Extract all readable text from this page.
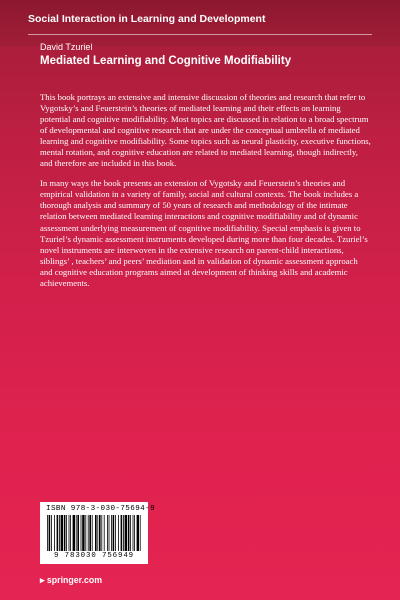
Social Interaction in Learning and Development
David Tzuriel
Mediated Learning and Cognitive Modifiability

This book portrays an extensive and intensive discussion of theories and research that refer to Vygotsky’s and Feuerstein’s theories of mediated learning and their effects on learning potential and cognitive modifiability. Most topics are discussed in relation to a broad spectrum of developmental and cognitive research that are under the conceptual umbrella of mediated learning and cognitive modifiability. Some topics such as neural plasticity, executive functions, mental rotation, and cognitive education are related to mediated learning, though indirectly, and therefore are included in this book.

In many ways the book presents an extension of Vygotsky and Feuerstein’s theories and empirical validation in a variety of family, social and cultural contexts. The book includes a thorough analysis and summary of 50 years of research and methodology of the intimate relation between mediated learning interactions and cognitive modifiability and of dynamic assessment underlying measurement of cognitive modifiability. Special emphasis is given to Tzuriel’s dynamic assessment instruments developed during more than four decades. Tzuriel’s novel instruments are interwoven in the extensive research on parent-child interactions, siblings’ , teachers’ and peers’ mediation and in validation of dynamic assessment approach and cognitive education programs aimed at development of thinking skills and academic achievements.

ISBN 978-3-030-75694-9
9 783030 756949
▸ springer.com
